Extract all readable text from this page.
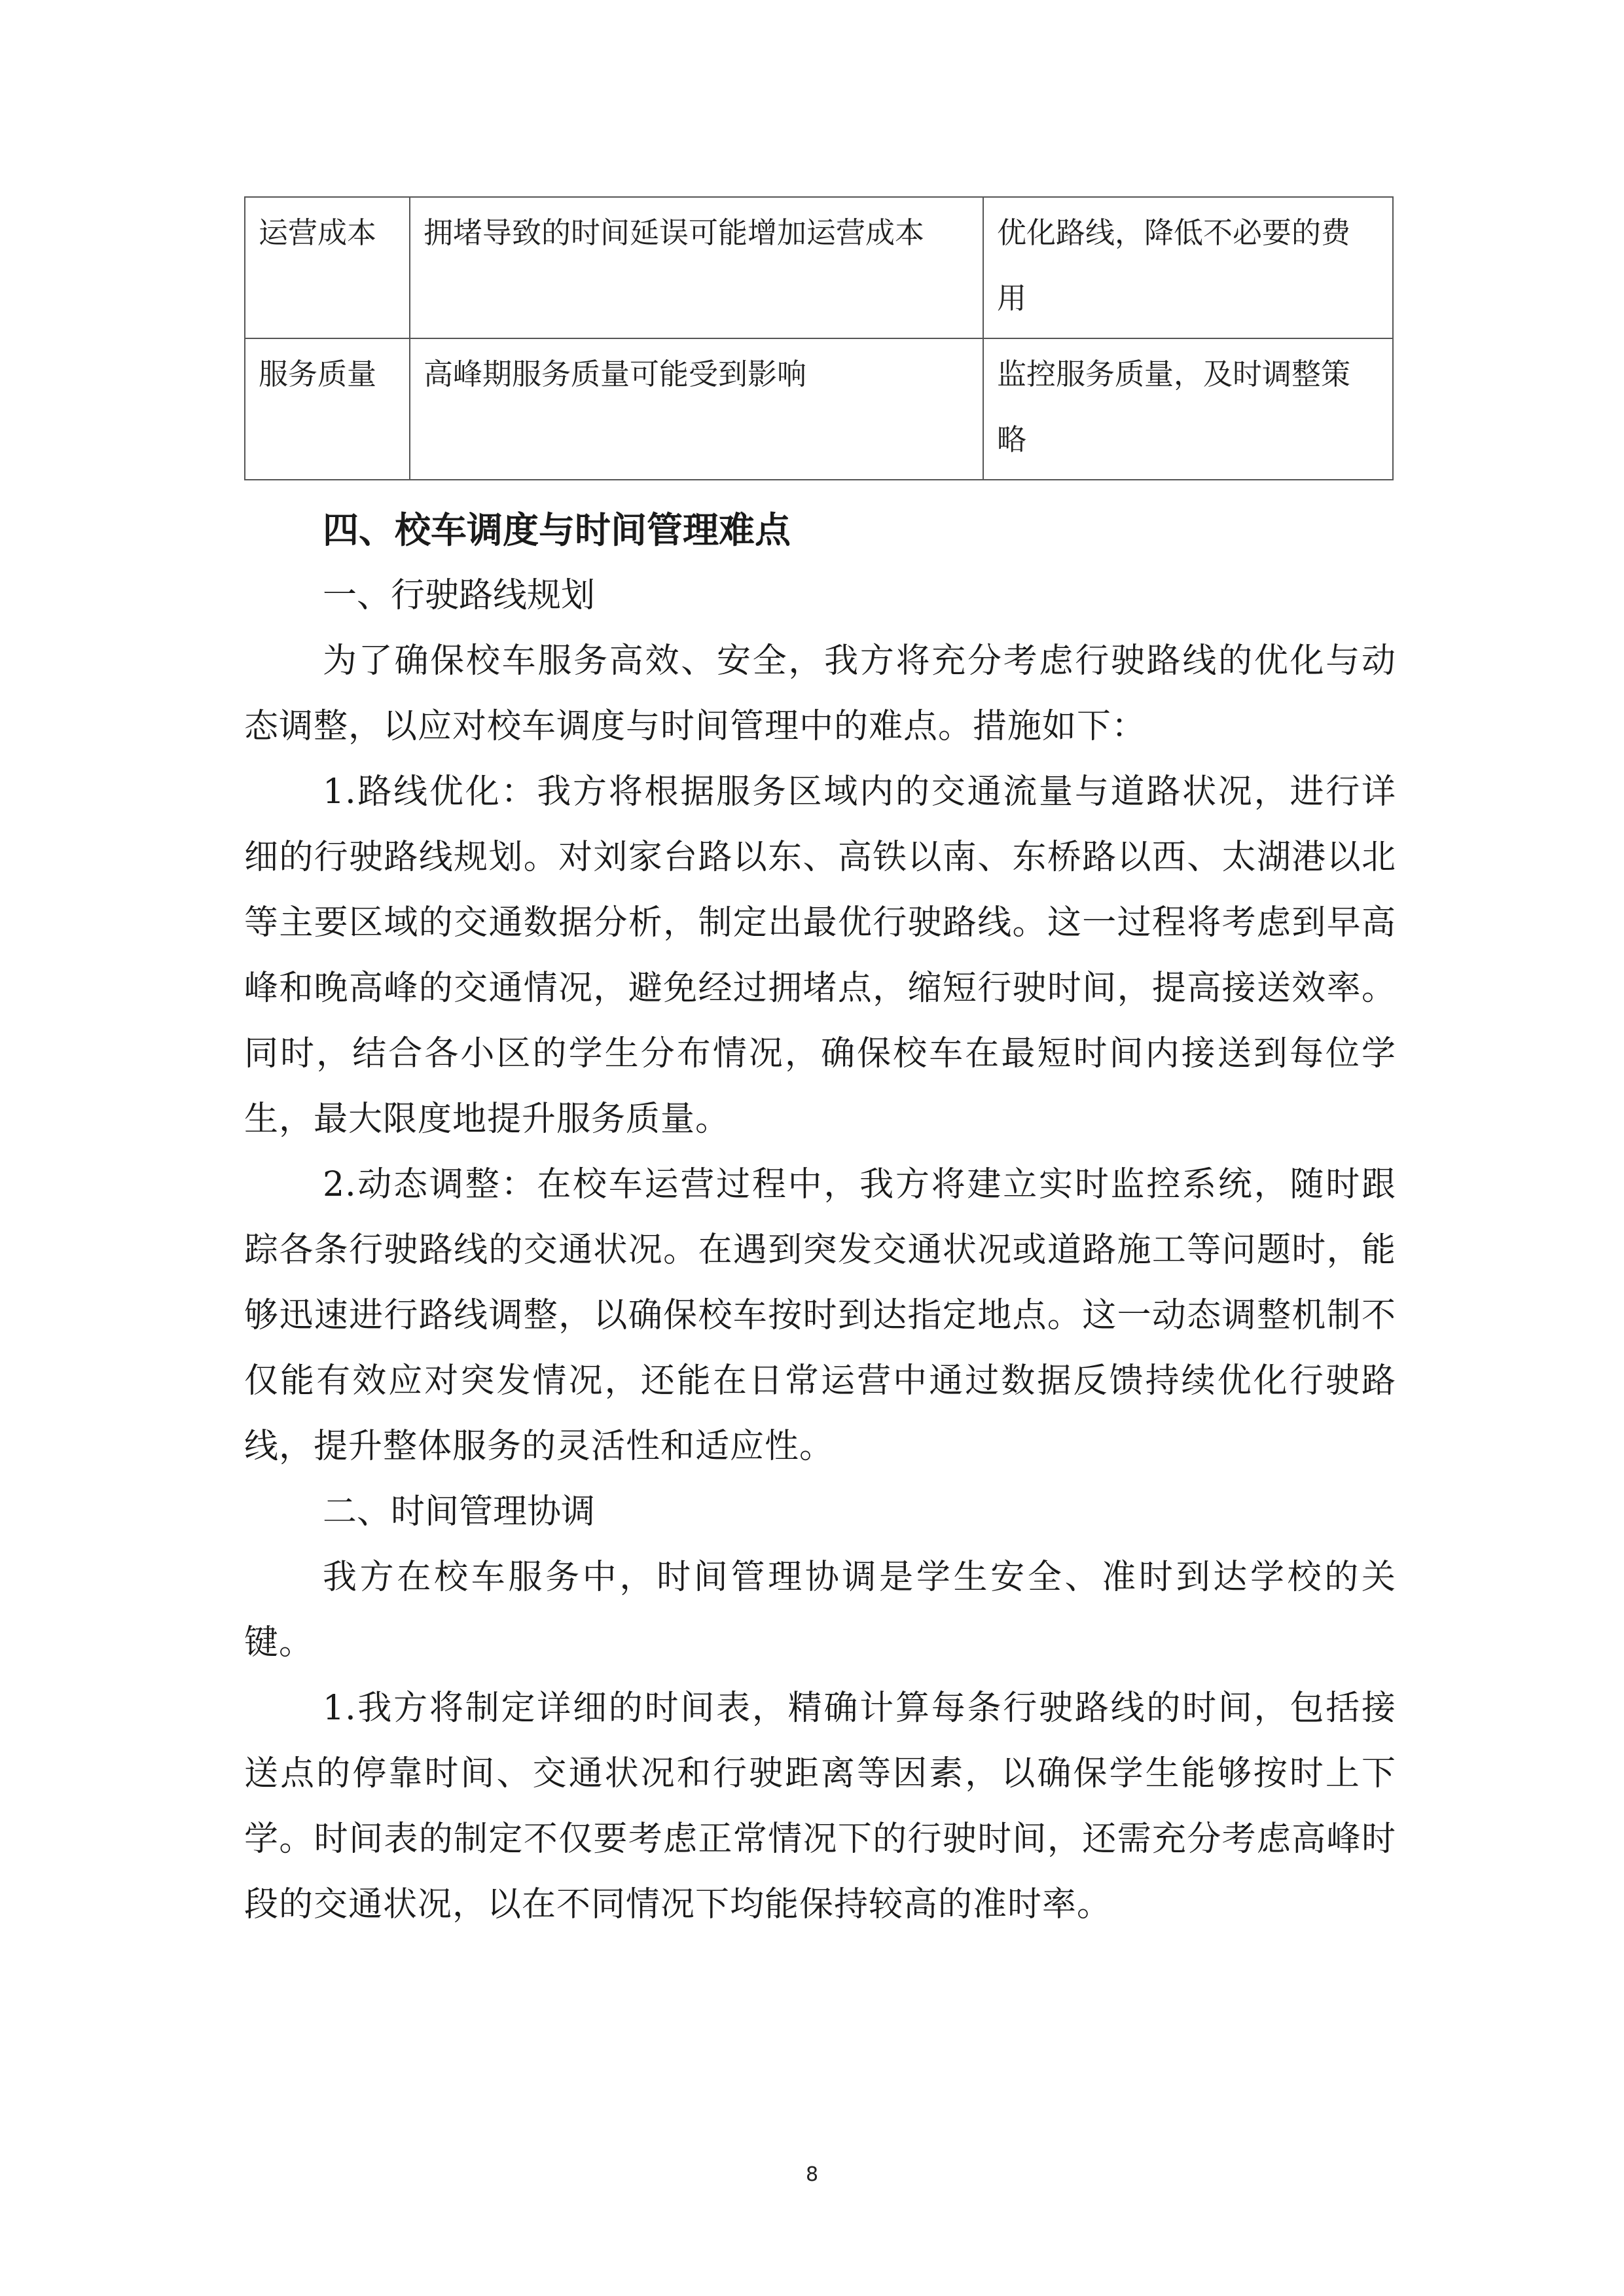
运营成本	拥堵导致的时间延误可能增加运营成本	优化路线，降低不必要的费用
服务质量	高峰期服务质量可能受到影响	监控服务质量，及时调整策略
四、校车调度与时间管理难点

一、行驶路线规划

为了确保校车服务高效、安全，我方将充分考虑行驶路线的优化与动态调整，以应对校车调度与时间管理中的难点。措施如下：

1.路线优化：我方将根据服务区域内的交通流量与道路状况，进行详细的行驶路线规划。对刘家台路以东、高铁以南、东桥路以西、太湖港以北等主要区域的交通数据分析，制定出最优行驶路线。这一过程将考虑到早高峰和晚高峰的交通情况，避免经过拥堵点，缩短行驶时间，提高接送效率。同时，结合各小区的学生分布情况，确保校车在最短时间内接送到每位学生，最大限度地提升服务质量。

2.动态调整：在校车运营过程中，我方将建立实时监控系统，随时跟踪各条行驶路线的交通状况。在遇到突发交通状况或道路施工等问题时，能够迅速进行路线调整，以确保校车按时到达指定地点。这一动态调整机制不仅能有效应对突发情况，还能在日常运营中通过数据反馈持续优化行驶路线，提升整体服务的灵活性和适应性。

二、时间管理协调

我方在校车服务中，时间管理协调是学生安全、准时到达学校的关键。

1.我方将制定详细的时间表，精确计算每条行驶路线的时间，包括接送点的停靠时间、交通状况和行驶距离等因素，以确保学生能够按时上下学。时间表的制定不仅要考虑正常情况下的行驶时间，还需充分考虑高峰时段的交通状况，以在不同情况下均能保持较高的准时率。

8
